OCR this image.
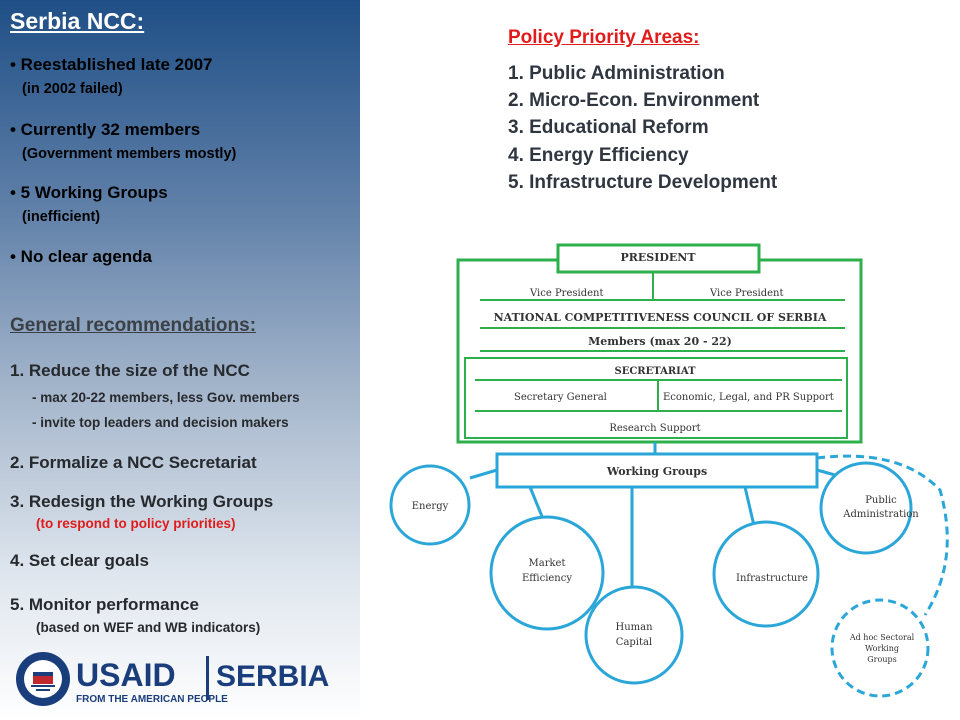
Serbia NCC:
• Reestablished late 2007
(in 2002 failed)
• Currently 32 members
(Government members mostly)
• 5 Working Groups
(inefficient)
• No clear agenda
General recommendations:
1. Reduce the size of the NCC
- max 20-22 members, less Gov. members
- invite top leaders and decision makers
2. Formalize a NCC Secretariat
3. Redesign the Working Groups
(to respond to policy priorities)
4. Set clear goals
5. Monitor performance
(based on WEF and WB indicators)
USAID SERBIA
FROM THE AMERICAN PEOPLE
Policy Priority Areas:
1. Public Administration
2. Micro-Econ. Environment
3. Educational Reform
4. Energy Efficiency
5. Infrastructure Development
PRESIDENT
Vice President	Vice President
NATIONAL COMPETITIVENESS COUNCIL OF SERBIA
Members (max 20 - 22)
SECRETARIAT
Secretary General	Economic, Legal, and PR Support
Research Support
Working Groups
Energy
Market
Efficiency
Human
Capital
Infrastructure
Public
Administration
Ad hoc Sectoral
Working
Groups
